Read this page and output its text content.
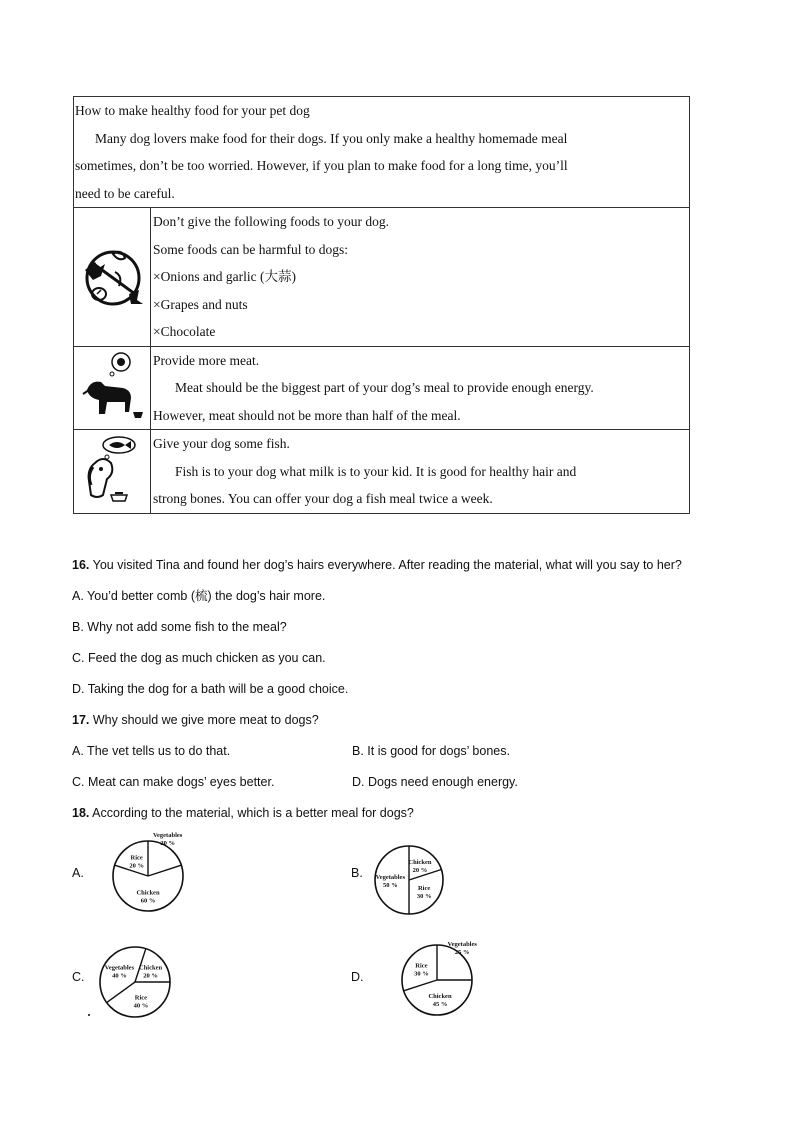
How to make healthy food for your pet dog

Many dog lovers make food for their dogs. If you only make a healthy homemade meal

sometimes, don’t be too worried. However, if you plan to make food for a long time, you’ll

need to be careful.	

Don’t give the following foods to your dog.

Some foods can be harmful to dogs:

×Onions and garlic (大蒜)

×Grapes and nuts

×Chocolate

Provide more meat.

Meat should be the biggest part of your dog’s meal to provide enough energy.

However, meat should not be more than half of the meal.

Give your dog some fish.

Fish is to your dog what milk is to your kid. It is good for healthy hair and

strong bones. You can offer your dog a fish meal twice a week.

16. You visited Tina and found her dog’s hairs everywhere. After reading the material, what will you say to her?
A. You’d better comb (梳) the dog’s hair more.
B. Why not add some fish to the meal?
C. Feed the dog as much chicken as you can.
D. Taking the dog for a bath will be a good choice.
17. Why should we give more meat to dogs?
A. The vet tells us to do that.	B. It is good for dogs’ bones.
C. Meat can make dogs’ eyes better.	D. Dogs need enough energy.
18. According to the material, which is a better meal for dogs?
A.
Vegetables
20 %
Chicken
60 %
Rice
20 %
B.
Chicken
20 %
Rice
30 %
Vegetables
50 %
C.
Chicken
20 %
Rice
40 %
Vegetables
40 %	D.
Vegetables
25 %
Chicken
45 %
Rice
30 %
